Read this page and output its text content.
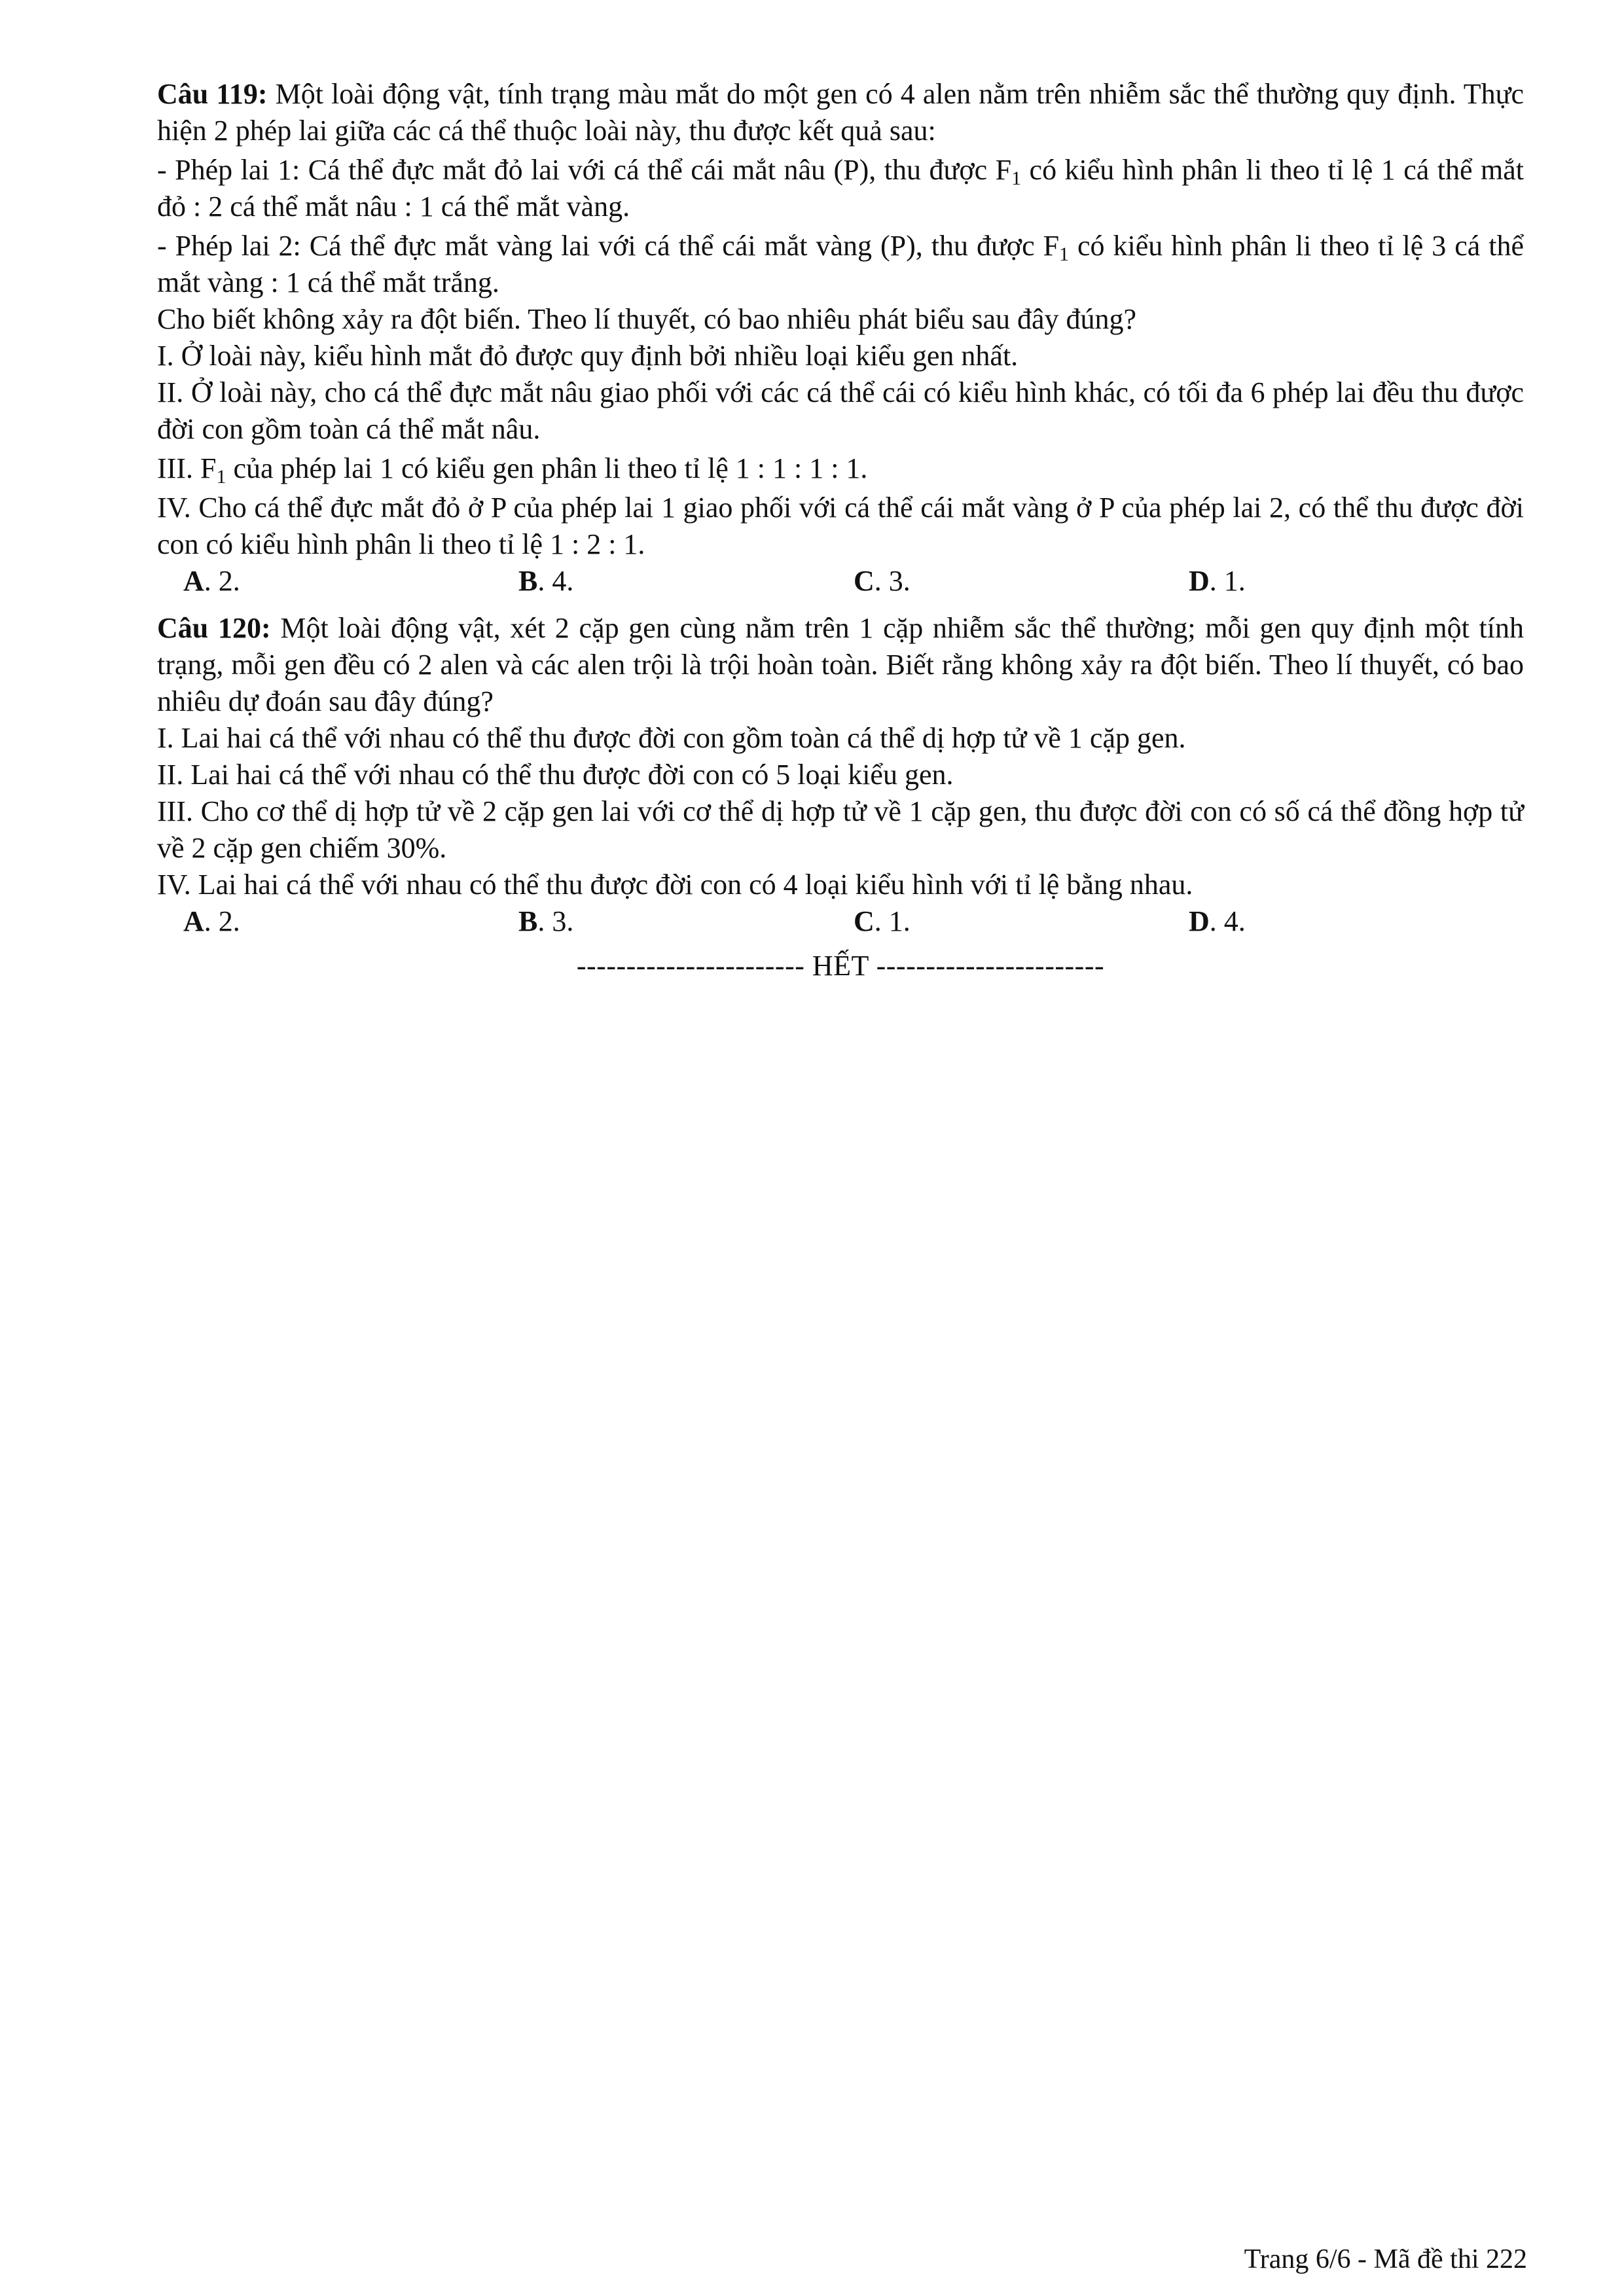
Câu 119: Một loài động vật, tính trạng màu mắt do một gen có 4 alen nằm trên nhiễm sắc thể thường quy định. Thực hiện 2 phép lai giữa các cá thể thuộc loài này, thu được kết quả sau:

- Phép lai 1: Cá thể đực mắt đỏ lai với cá thể cái mắt nâu (P), thu được $F_1$ có kiểu hình phân li theo tỉ lệ 1 cá thể mắt đỏ : 2 cá thể mắt nâu : 1 cá thể mắt vàng.

- Phép lai 2: Cá thể đực mắt vàng lai với cá thể cái mắt vàng (P), thu được $F_1$ có kiểu hình phân li theo tỉ lệ 3 cá thể mắt vàng : 1 cá thể mắt trắng.

Cho biết không xảy ra đột biến. Theo lí thuyết, có bao nhiêu phát biểu sau đây đúng?

I. Ở loài này, kiểu hình mắt đỏ được quy định bởi nhiều loại kiểu gen nhất.

II. Ở loài này, cho cá thể đực mắt nâu giao phối với các cá thể cái có kiểu hình khác, có tối đa 6 phép lai đều thu được đời con gồm toàn cá thể mắt nâu.

III. $F_1$ của phép lai 1 có kiểu gen phân li theo tỉ lệ 1 : 1 : 1 : 1.

IV. Cho cá thể đực mắt đỏ ở P của phép lai 1 giao phối với cá thể cái mắt vàng ở P của phép lai 2, có thể thu được đời con có kiểu hình phân li theo tỉ lệ 1 : 2 : 1.

A. 2.	B. 4.	C. 3.	D. 1.

Câu 120: Một loài động vật, xét 2 cặp gen cùng nằm trên 1 cặp nhiễm sắc thể thường; mỗi gen quy định một tính trạng, mỗi gen đều có 2 alen và các alen trội là trội hoàn toàn. Biết rằng không xảy ra đột biến. Theo lí thuyết, có bao nhiêu dự đoán sau đây đúng?

I. Lai hai cá thể với nhau có thể thu được đời con gồm toàn cá thể dị hợp tử về 1 cặp gen.

II. Lai hai cá thể với nhau có thể thu được đời con có 5 loại kiểu gen.

III. Cho cơ thể dị hợp tử về 2 cặp gen lai với cơ thể dị hợp tử về 1 cặp gen, thu được đời con có số cá thể đồng hợp tử về 2 cặp gen chiếm 30%.

IV. Lai hai cá thể với nhau có thể thu được đời con có 4 loại kiểu hình với tỉ lệ bằng nhau.

A. 2.	B. 3.	C. 1.	D. 4.

----------------------- HẾT -----------------------

Trang 6/6 - Mã đề thi 222
